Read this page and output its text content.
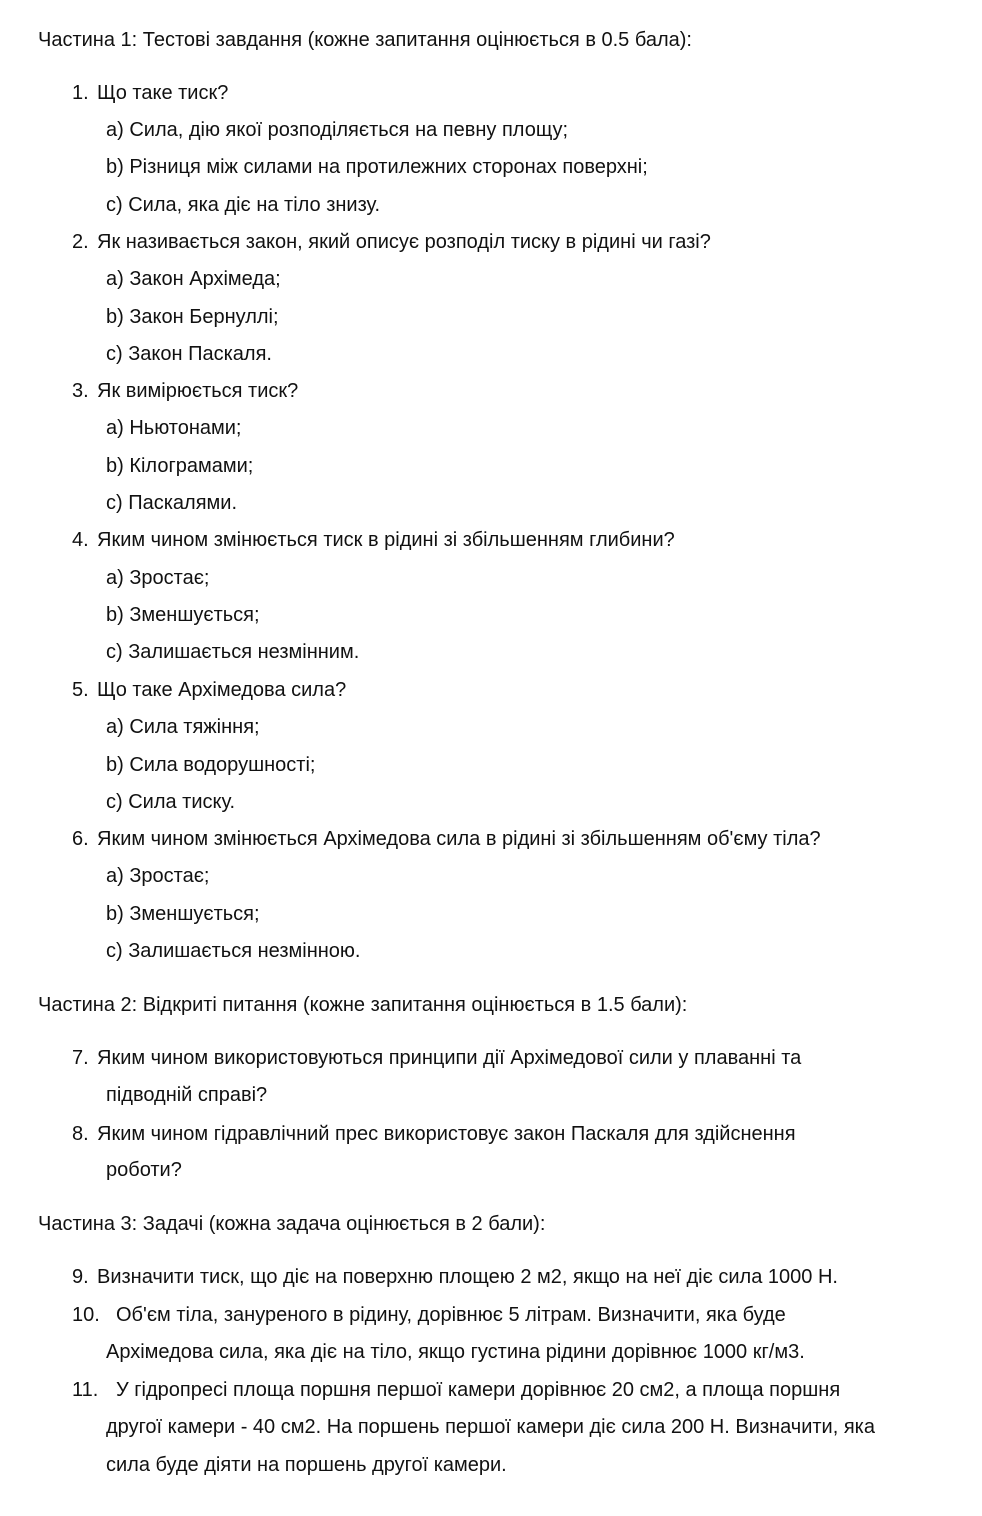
Частина 1: Тестові завдання (кожне запитання оцінюється в 0.5 бала):
1. Що таке тиск?
a) Сила, дію якої розподіляється на певну площу;
b) Різниця між силами на протилежних сторонах поверхні;
c) Сила, яка діє на тіло знизу.
2. Як називається закон, який описує розподіл тиску в рідині чи газі?
a) Закон Архімеда;
b) Закон Бернуллі;
c) Закон Паскаля.
3. Як вимірюється тиск?
a) Ньютонами;
b) Кілограмами;
c) Паскалями.
4. Яким чином змінюється тиск в рідині зі збільшенням глибини?
a) Зростає;
b) Зменшується;
c) Залишається незмінним.
5. Що таке Архімедова сила?
a) Сила тяжіння;
b) Сила водорушності;
c) Сила тиску.
6. Яким чином змінюється Архімедова сила в рідині зі збільшенням об'єму тіла?
a) Зростає;
b) Зменшується;
c) Залишається незмінною.
Частина 2: Відкриті питання (кожне запитання оцінюється в 1.5 бали):
7. Яким чином використовуються принципи дії Архімедової сили у плаванні та
підводній справі?
8. Яким чином гідравлічний прес використовує закон Паскаля для здійснення
роботи?
Частина 3: Задачі (кожна задача оцінюється в 2 бали):
9. Визначити тиск, що діє на поверхню площею 2 м2, якщо на неї діє сила 1000 Н.
10. Об'єм тіла, зануреного в рідину, дорівнює 5 літрам. Визначити, яка буде
Архімедова сила, яка діє на тіло, якщо густина рідини дорівнює 1000 кг/м3.
11. У гідропресі площа поршня першої камери дорівнює 20 см2, а площа поршня
другої камери - 40 см2. На поршень першої камери діє сила 200 Н. Визначити, яка
сила буде діяти на поршень другої камери.
